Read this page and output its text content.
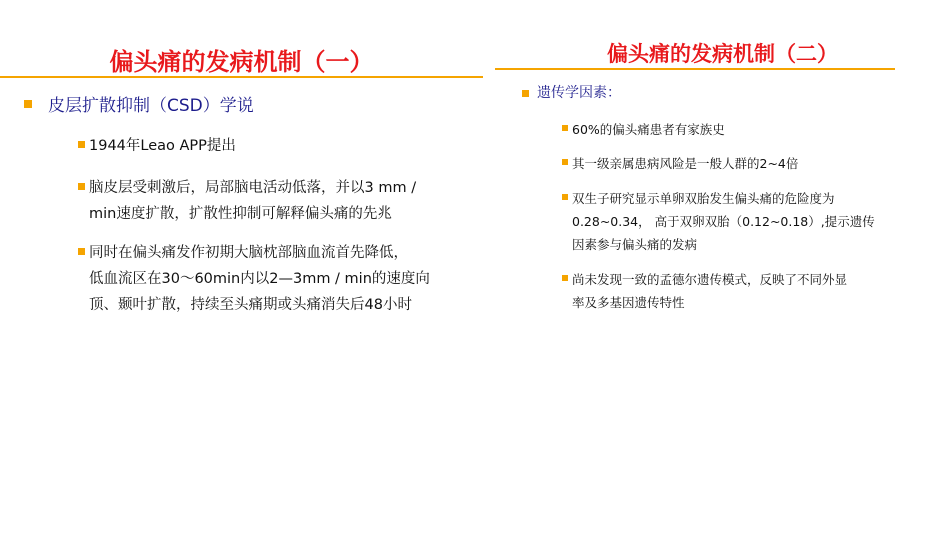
偏头痛的发病机制（一）
皮层扩散抑制（CSD）学说
1944年Leao APP提出
脑皮层受刺激后，局部脑电活动低落，并以3 mm /
min速度扩散，扩散性抑制可解释偏头痛的先兆
同时在偏头痛发作初期大脑枕部脑血流首先降低，
低血流区在30～60min内以2—3mm / min的速度向
顶、颞叶扩散，持续至头痛期或头痛消失后48小时
偏头痛的发病机制（二）
遗传学因素：
60%的偏头痛患者有家族史
其一级亲属患病风险是一般人群的2~4倍
双生子研究显示单卵双胎发生偏头痛的危险度为
0.28~0.34， 高于双卵双胎（0.12~0.18）,提示遗传
因素参与偏头痛的发病
尚未发现一致的孟德尔遗传模式，反映了不同外显
率及多基因遗传特性
